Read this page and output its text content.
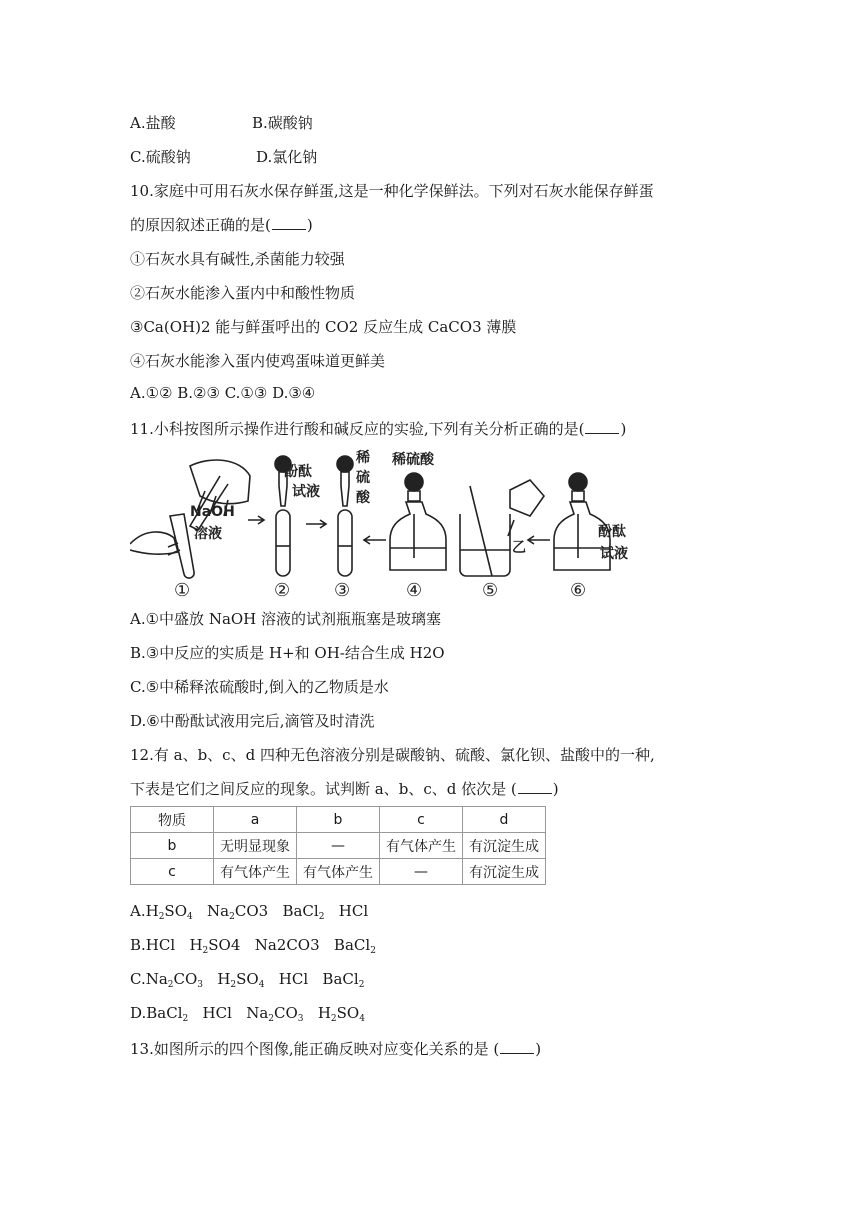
A.盐酸	B.碳酸钠
C.硫酸钠	D.氯化钠
10.家庭中可用石灰水保存鲜蛋,这是一种化学保鲜法。下列对石灰水能保存鲜蛋
的原因叙述正确的是( )
①石灰水具有碱性,杀菌能力较强
②石灰水能渗入蛋内中和酸性物质
③Ca(OH)2 能与鲜蛋呼出的 CO2 反应生成 CaCO3 薄膜
④石灰水能渗入蛋内使鸡蛋味道更鲜美
A.①② B.②③ C.①③ D.③④
11.小科按图所示操作进行酸和碱反应的实验,下列有关分析正确的是( )
NaOH
溶液
酚酞
试液
稀
硫
酸
稀硫酸
乙
酚酞
试液
①	② ③	④	⑤	⑥
A.①中盛放 NaOH 溶液的试剂瓶瓶塞是玻璃塞
B.③中反应的实质是 H+和 OH-结合生成 H2O
C.⑤中稀释浓硫酸时,倒入的乙物质是水
D.⑥中酚酞试液用完后,滴管及时清洗
12.有 a、b、c、d 四种无色溶液分别是碳酸钠、硫酸、氯化钡、盐酸中的一种,
下表是它们之间反应的现象。试判断 a、b、c、d 依次是 ( )
物质	a	b	c	d
b	无明显现象	—	有气体产生	有沉淀生成
c	有气体产生	有气体产生	—	有沉淀生成
$A.H_2SO_4$   $Na_2CO3$   BaCl$_2$   HCl
B.HCl   $H_2SO4$   Na2CO3   BaCl$_2$
$C.Na_2CO_3$   $H_2SO_4$   HCl   BaCl$_2$
D.BaCl$_2$   HCl   $Na_2CO_3$   $H_2SO_4$
13.如图所示的四个图像,能正确反映对应变化关系的是 ( )
